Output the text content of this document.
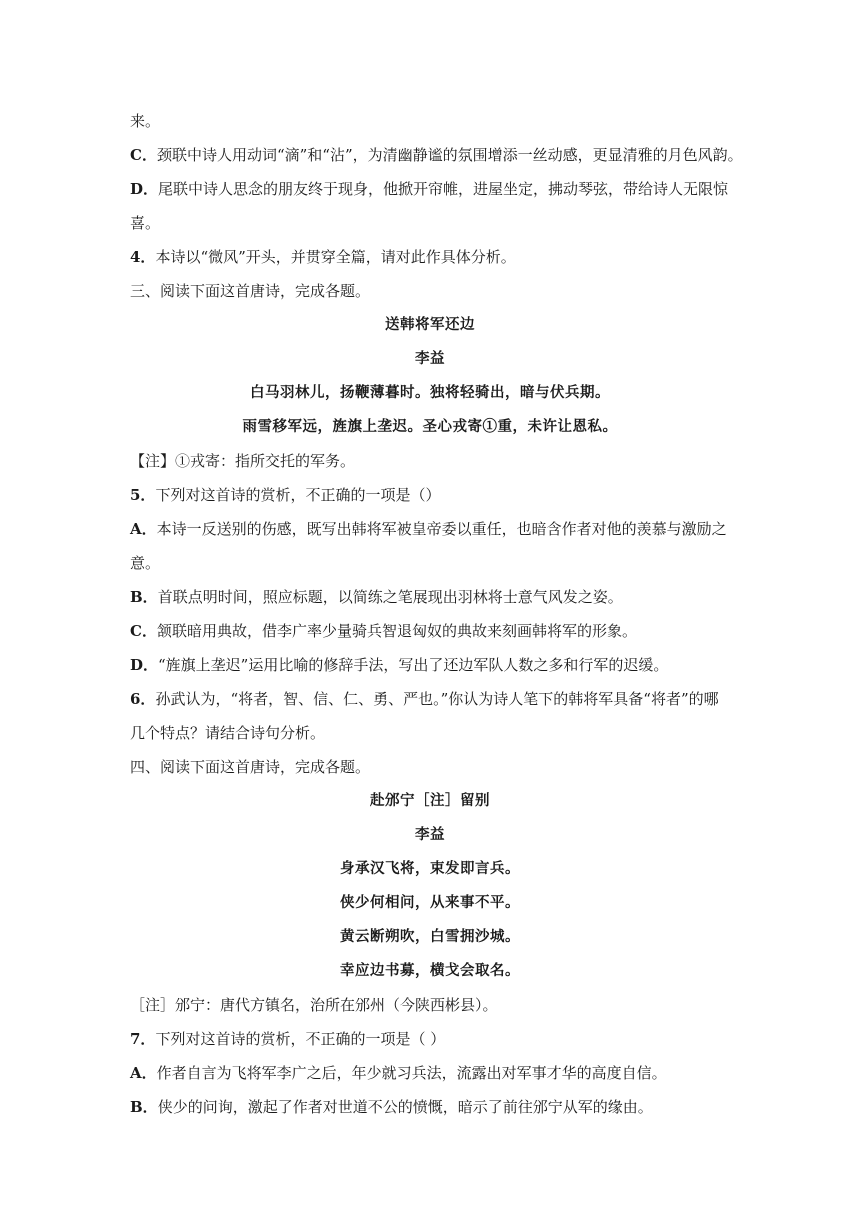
来。
C．颈联中诗人用动词“滴”和“沾”，为清幽静谧的氛围增添一丝动感，更显清雅的月色风韵。
D．尾联中诗人思念的朋友终于现身，他掀开帘帷，进屋坐定，拂动琴弦，带给诗人无限惊
喜。
4．本诗以“微风”开头，并贯穿全篇，请对此作具体分析。
三、阅读下面这首唐诗，完成各题。
送韩将军还边
李益
白马羽林儿，扬鞭薄暮时。独将轻骑出，暗与伏兵期。
雨雪移军远，旌旗上垄迟。圣心戎寄①重，未许让恩私。
【注】①戎寄：指所交托的军务。
5．下列对这首诗的赏析，不正确的一项是（）
A．本诗一反送别的伤感，既写出韩将军被皇帝委以重任，也暗含作者对他的羡慕与激励之
意。
B．首联点明时间，照应标题，以简练之笔展现出羽林将士意气风发之姿。
C．颔联暗用典故，借李广率少量骑兵智退匈奴的典故来刻画韩将军的形象。
D．“旌旗上垄迟”运用比喻的修辞手法，写出了还边军队人数之多和行军的迟缓。
6．孙武认为，“将者，智、信、仁、勇、严也。”你认为诗人笔下的韩将军具备“将者”的哪
几个特点？请结合诗句分析。
四、阅读下面这首唐诗，完成各题。
赴邠宁［注］留别
李益
身承汉飞将，束发即言兵。
侠少何相问，从来事不平。
黄云断朔吹，白雪拥沙城。
幸应边书募，横戈会取名。
［注］邠宁：唐代方镇名，治所在邠州（今陕西彬县）。
7．下列对这首诗的赏析，不正确的一项是（ ）
A．作者自言为飞将军李广之后，年少就习兵法，流露出对军事才华的高度自信。
B．侠少的问询，激起了作者对世道不公的愤慨，暗示了前往邠宁从军的缘由。
